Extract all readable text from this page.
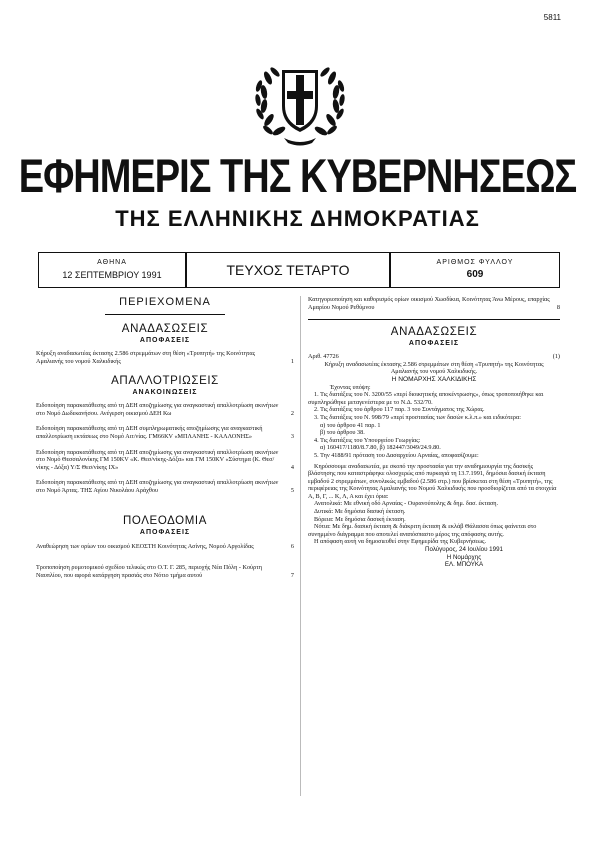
5811
ΕΦΗΜΕΡΙΣ ΤΗΣ ΚΥΒΕΡΝΗΣΕΩΣ
ΤΗΣ ΕΛΛΗΝΙΚΗΣ ΔΗΜΟΚΡΑΤΙΑΣ
ΑΘΗΝΑ
12 ΣΕΠΤΕΜΒΡΙΟΥ 1991	ΤΕΥΧΟΣ ΤΕΤΑΡΤΟ	ΑΡΙΘΜΟΣ ΦΥΛΛΟΥ
609
ΠΕΡΙΕΧΟΜΕΝΑ
ΑΝΑΔΑΣΩΣΕΙΣ
ΑΠΟΦΑΣΕΙΣ
Κήρυξη αναδασωτέας έκτασης 2.586 στρεμμάτων στη θέση «Τρυπητή» της Κοινότητας Αμαλιανής του νομού Χαλκιδικής	1
ΑΠΑΛΛΟΤΡΙΩΣΕΙΣ
ΑΝΑΚΟΙΝΩΣΕΙΣ
Ειδοποίηση παρακατάθεσης από τη ΔΕΗ αποζημίωσης για αναγκαστική απαλλοτρίωση ακινήτων στο Νομό Δωδεκανήσου. Ανέγερση οικισμού ΔΕΗ Κω	2
Ειδοποίηση παρακατάθεσης από τη ΔΕΗ συμπληρωματικής αποζημίωσης για αναγκαστική απαλλοτρίωση εκτάσεως στο Νομό Αιτ/νίας. ΓΜ66ΚV «ΜΠΛΑΝΗΣ - ΚΑΛΛΟΝΗΣ»	3
Ειδοποίηση παρακατάθεσης από τη ΔΕΗ αποζημίωσης για αναγκαστική απαλλοτρίωση ακινήτων στο Νομό Θεσσαλονίκης ΓΜ 150ΚV «Κ. Θεσ/νίκης-Δόξα» και ΓΜ 150ΚV «Σύστημα (Κ. Θεσ/νίκης - Δόξα) Υ/Σ Θεσ/νίκης ΙΧ»	4
Ειδοποίηση παρακατάθεσης από τη ΔΕΗ αποζημίωσης για αναγκαστική απαλλοτρίωση ακινήτων στο Νομό Άρτας. ΤΗΣ Αγίου Νικολάου Αράχθου	5
ΠΟΛΕΟΔΟΜΙΑ
ΑΠΟΦΑΣΕΙΣ
Αναθεώρηση των ορίων του οικισμού ΚΕΟΣΤΗ Κοινότητας Ασίνης, Νομού Αργολίδας	6
Τροποποίηση ρυμοτομικού σχεδίου τελικώς στο Ο.Τ. Γ. 285, περιοχής Νέα Πόλη - Κούρτη Ναυπλίου, που αφορά κατάργηση πρασιάς στο Νότιο τμήμα αυτού	7
Κατηγοριοποίηση και καθορισμός ορίων οικισμού Χωσδίκια, Κοινότητας Άνω Μέρους, επαρχίας Αμαρίου Νομού Ρεθύμνου	8
ΑΝΑΔΑΣΩΣΕΙΣ
ΑΠΟΦΑΣΕΙΣ
Αριθ. 47726	(1)

Κήρυξη αναδασωτέας έκτασης 2.586 στρεμμάτων στη θέση «Τρυπητή» της Κοινότητας Αμαλιανής του νομού Χαλκιδικής.

Η ΝΟΜΑΡΧΗΣ ΧΑΛΚΙΔΙΚΗΣ

Έχοντας υπόψη:

1. Τις διατάξεις του Ν. 3200/55 «περί διοικητικής αποκέντρωσης», όπως τροποποιήθηκε και συμπληρώθηκε μεταγενέστερα με το Ν.Δ. 532/70.

2. Τις διατάξεις του άρθρου 117 παρ. 3 του Συντάγματος της Χώρας.

3. Τις διατάξεις του Ν. 998/79 «περί προστασίας των δασών κ.λ.π.» και ειδικότερα:

α) του άρθρου 41 παρ. 1

β) του άρθρου 38.

4. Τις διατάξεις του Υπουργείου Γεωργίας:

α) 160417/1180/8.7.80, β) 182447/3049/24.9.80.

5. Την 4188/91 πρόταση του Δασαρχείου Αρναίας, αποφασίζουμε:

Κηρύσσουμε αναδασωτέα, με σκοπό την προστασία για την αναδημιουργία της δασικής βλάστησης που καταστράφηκε ολοσχερώς από πυρκαγιά τη 13.7.1991, δημόσια δασική έκταση εμβαδού 2 στρεμμάτων, συνολικώς εμβαδού (2.586 στρ.) που βρίσκεται στη θέση «Τρυπητή», της περιφέρειας της Κοινότητας Αμαλιανής του Νομού Χαλκιδικής που προσδιορίζεται από τα στοιχεία Α, Β, Γ, ... Κ, Λ, Α και έχει όρια:

Ανατολικά: Με εθνική οδό Αρναίας - Ουρανούπολης & δημ. δασ. έκταση.

Δυτικά: Με δημόσια δασική έκταση.

Βόρεια: Με δημόσια δασική έκταση.

Νότια: Με δημ. δασική έκταση & διάκριτη έκταση & εκλάβ Θάλασσα όπως φαίνεται στο συνημμένο διάγραμμα που αποτελεί αναπόσπαστο μέρος της απόφασης αυτής.

Η απόφαση αυτή να δημοσιευθεί στην Εφημερίδα της Κυβερνήσεως.

Πολύγυρος, 24 Ιουλίου 1991

Η Νομάρχης

ΕΛ. ΜΠΟΥΚΑ
